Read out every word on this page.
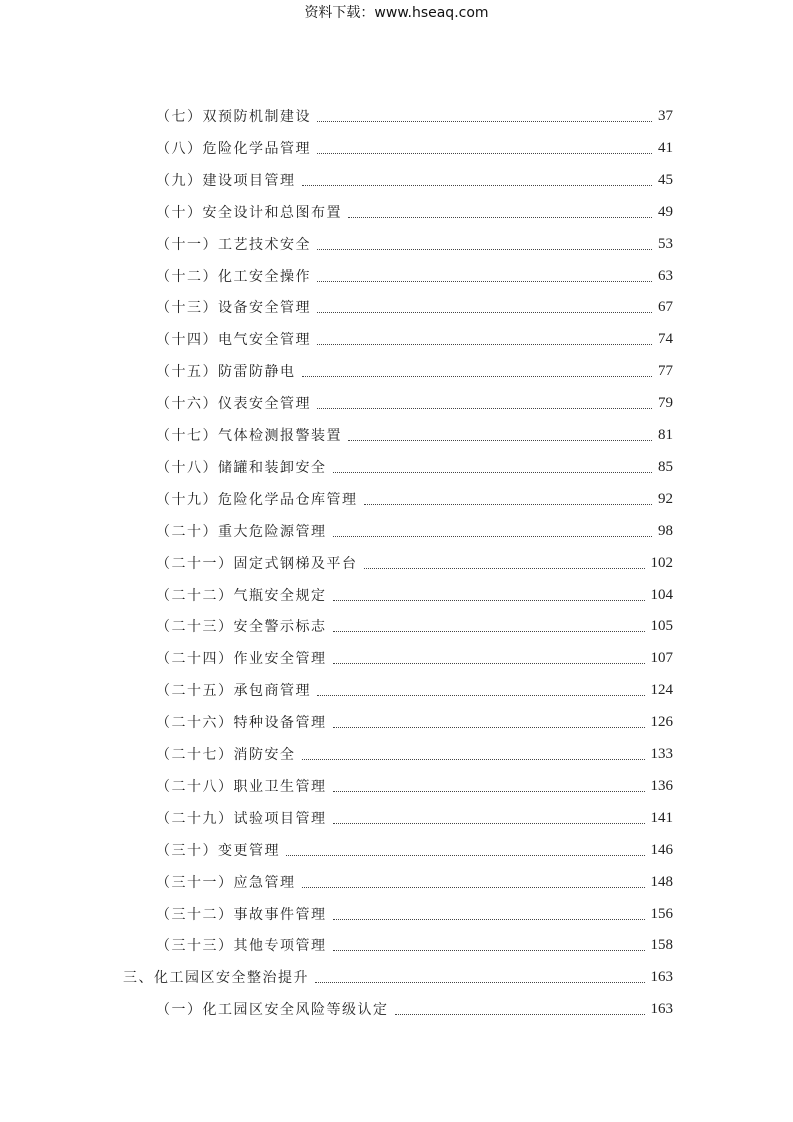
资料下载：www.hseaq.com
（七）双预防机制建设	37
（八）危险化学品管理	41
（九）建设项目管理	45
（十）安全设计和总图布置	49
（十一）工艺技术安全	53
（十二）化工安全操作	63
（十三）设备安全管理	67
（十四）电气安全管理	74
（十五）防雷防静电	77
（十六）仪表安全管理	79
（十七）气体检测报警装置	81
（十八）储罐和装卸安全	85
（十九）危险化学品仓库管理	92
（二十）重大危险源管理	98
（二十一）固定式钢梯及平台	102
（二十二）气瓶安全规定	104
（二十三）安全警示标志	105
（二十四）作业安全管理	107
（二十五）承包商管理	124
（二十六）特种设备管理	126
（二十七）消防安全	133
（二十八）职业卫生管理	136
（二十九）试验项目管理	141
（三十）变更管理	146
（三十一）应急管理	148
（三十二）事故事件管理	156
（三十三）其他专项管理	158
三、化工园区安全整治提升	163
（一）化工园区安全风险等级认定	163
